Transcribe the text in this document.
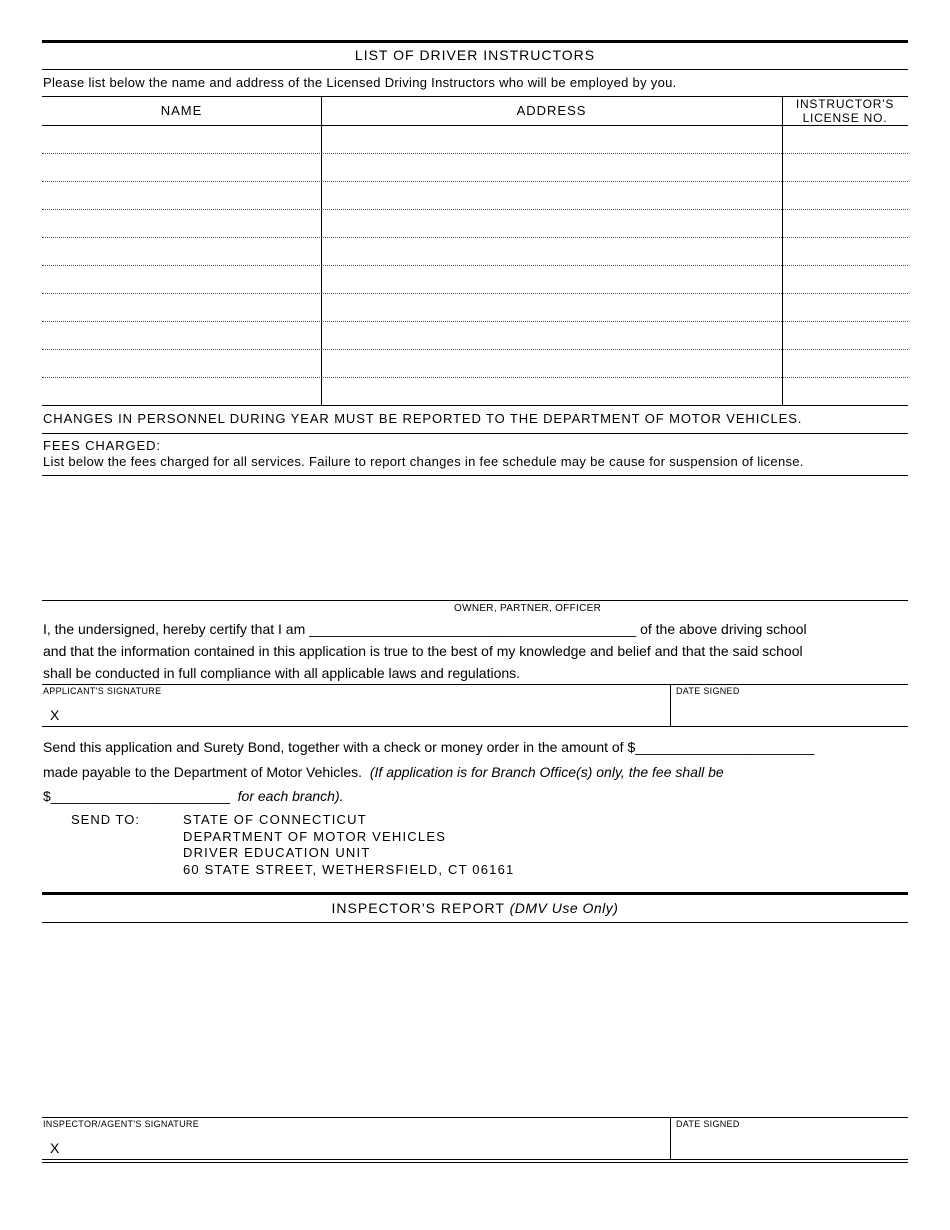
LIST OF DRIVER INSTRUCTORS
Please list below the name and address of the Licensed Driving Instructors who will be employed by you.
NAME	ADDRESS	INSTRUCTOR'S
LICENSE NO.
CHANGES IN PERSONNEL DURING YEAR MUST BE REPORTED TO THE DEPARTMENT OF MOTOR VEHICLES.
FEES CHARGED:
List below the fees charged for all services. Failure to report changes in fee schedule may be cause for suspension of license.
OWNER, PARTNER, OFFICER
I, the undersigned, hereby certify that I am __________________________________________ of the above driving school
and that the information contained in this application is true to the best of my knowledge and belief and that the said school
shall be conducted in full compliance with all applicable laws and regulations.
APPLICANT'S SIGNATURE
X
DATE SIGNED
Send this application and Surety Bond, together with a check or money order in the amount of $_______________________
made payable to the Department of Motor Vehicles. (If application is for Branch Office(s) only, the fee shall be
$_______________________ for each branch).
SEND TO:	STATE OF CONNECTICUT
DEPARTMENT OF MOTOR VEHICLES
DRIVER EDUCATION UNIT
60 STATE STREET, WETHERSFIELD, CT 06161
INSPECTOR'S REPORT (DMV Use Only)
INSPECTOR/AGENT'S SIGNATURE
X
DATE SIGNED
